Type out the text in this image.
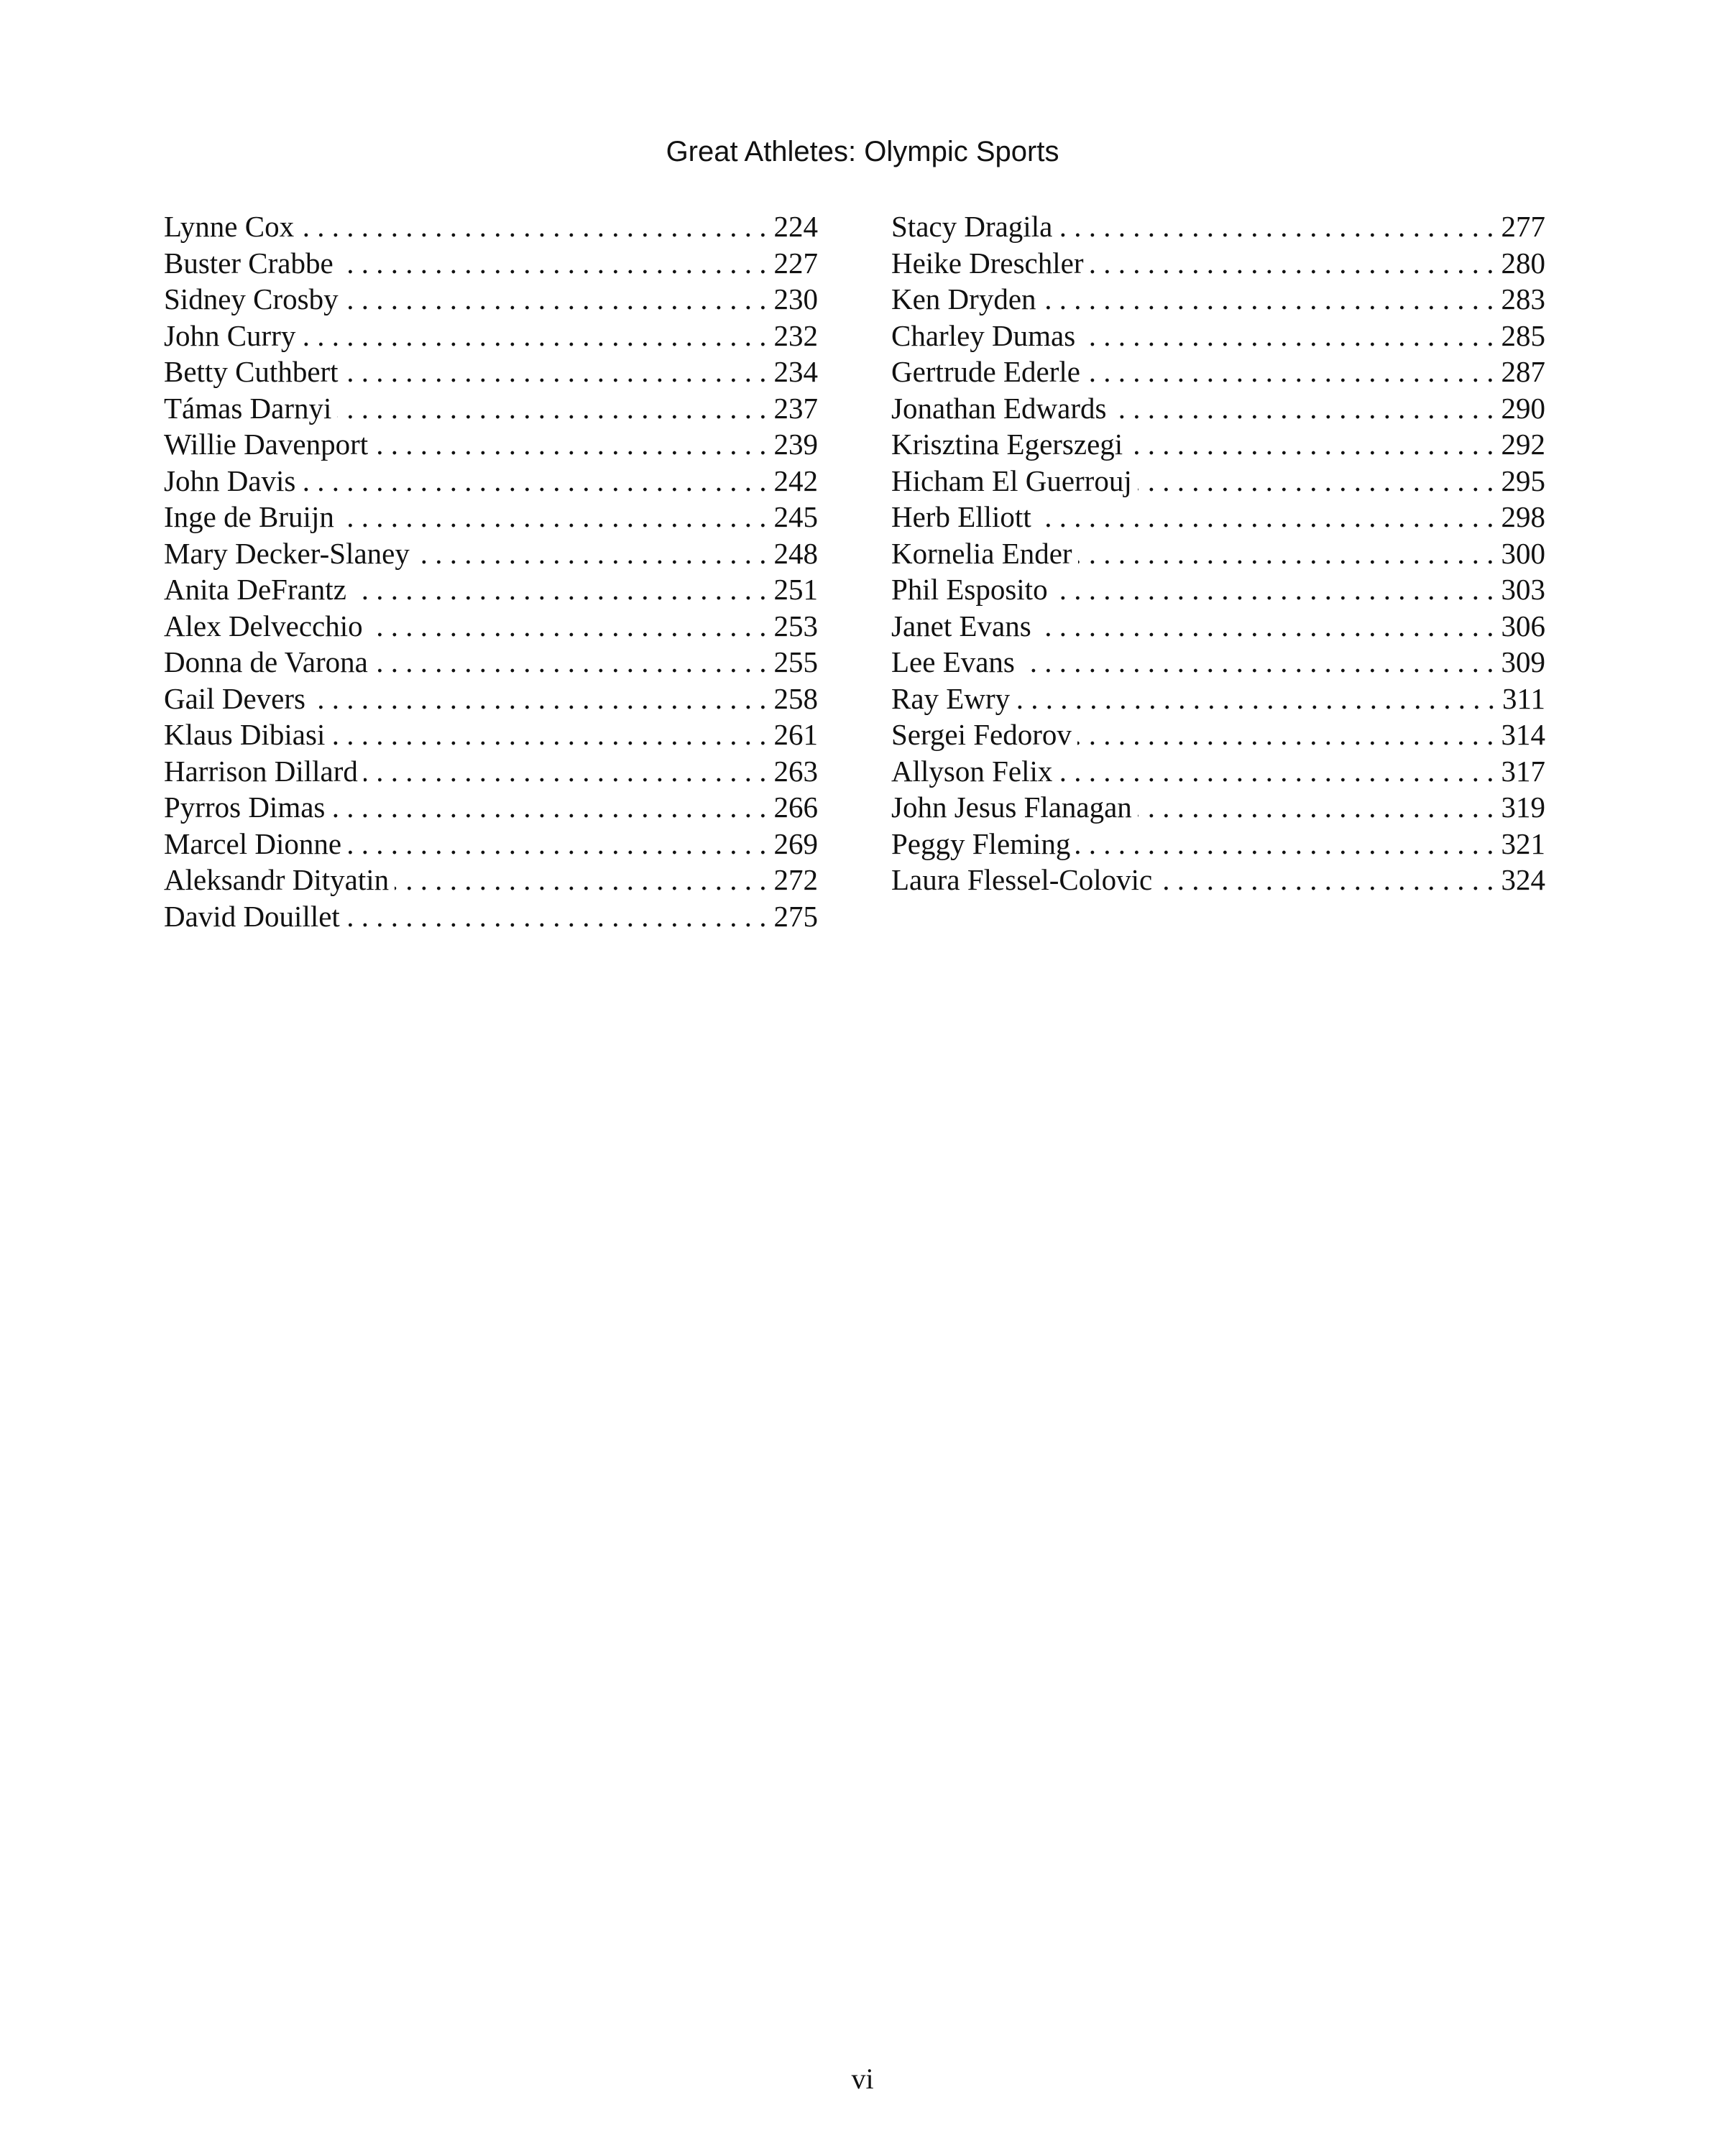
Great Athletes: Olympic Sports
Lynne Cox . . .	224
Buster Crabbe . . .	227
Sidney Crosby . . .	230
John Curry . . .	232
Betty Cuthbert . . .	234
Támas Darnyi . . .	237
Willie Davenport . . .	239
John Davis . . .	242
Inge de Bruijn . . .	245
Mary Decker-Slaney . . .	248
Anita DeFrantz . . .	251
Alex Delvecchio . . .	253
Donna de Varona . . .	255
Gail Devers . . .	258
Klaus Dibiasi . . .	261
Harrison Dillard . . .	263
Pyrros Dimas . . .	266
Marcel Dionne . . .	269
Aleksandr Dityatin . . .	272
David Douillet . . .	275
Stacy Dragila . . .	277
Heike Dreschler . . .	280
Ken Dryden . . .	283
Charley Dumas . . .	285
Gertrude Ederle . . .	287
Jonathan Edwards . . .	290
Krisztina Egerszegi . . .	292
Hicham El Guerrouj . . .	295
Herb Elliott . . .	298
Kornelia Ender . . .	300
Phil Esposito . . .	303
Janet Evans . . .	306
Lee Evans . . .	309
Ray Ewry . . .	311
Sergei Fedorov . . .	314
Allyson Felix . . .	317
John Jesus Flanagan . . .	319
Peggy Fleming . . .	321
Laura Flessel-Colovic . . .	324
vi
